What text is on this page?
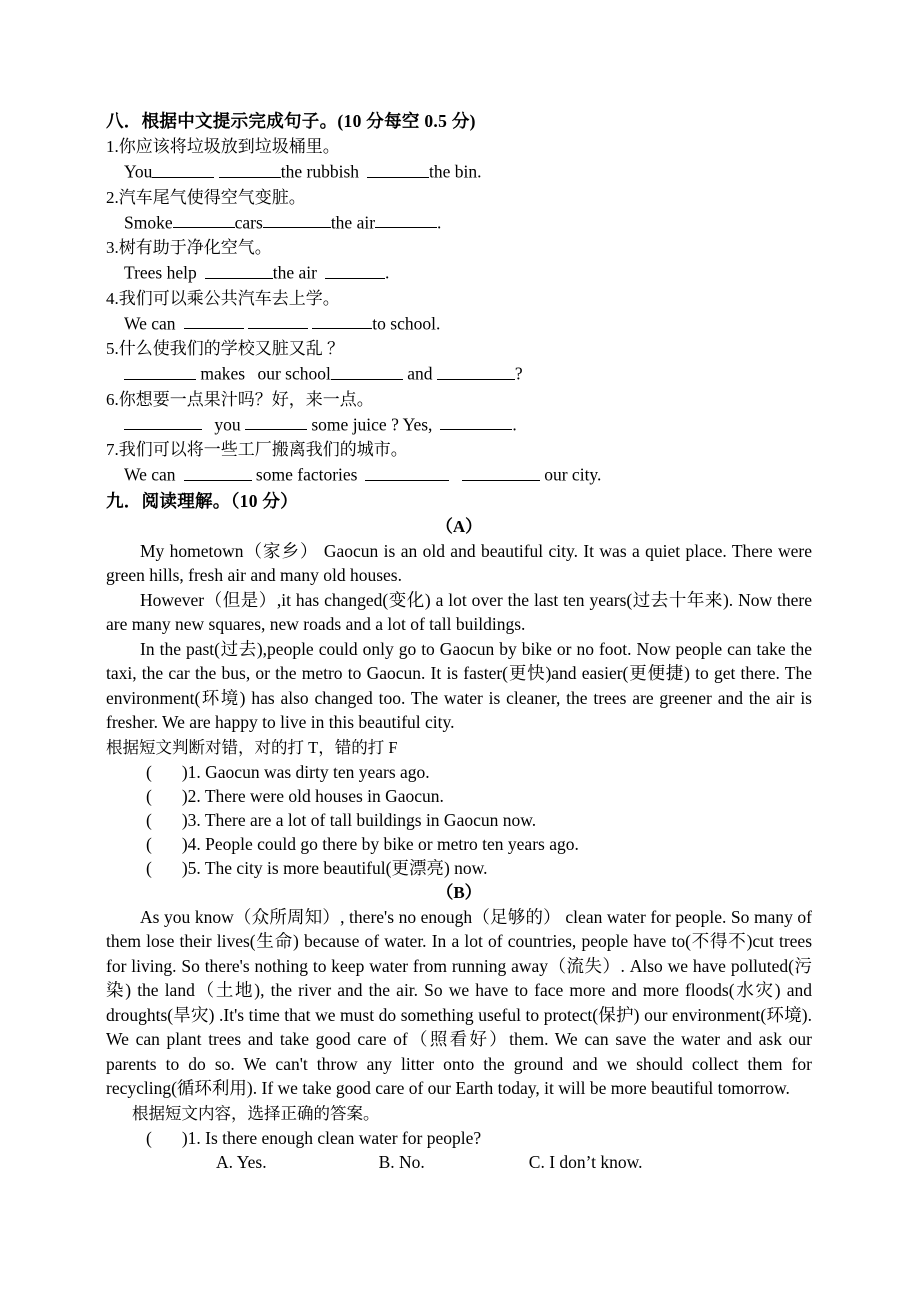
八．根据中文提示完成句子。(10 分每空 0.5 分)

1.你应该将垃圾放到垃圾桶里。

You	the rubbish	the bin.

2.汽车尾气使得空气变脏。

Smoke	cars	the air	.

3.树有助于净化空气。

Trees help	the air	.

4.我们可以乘公共汽车去上学。

We can	to school.

5.什么使我们的学校又脏又乱 ？

makes our school	and	?

6.你想要一点果汁吗？好，来一点。

you	some juice ? Yes,	.

7.我们可以将一些工厂搬离我们的城市。

We can	some factories	our city.

九．阅读理解。（10 分）

（A）

My hometown（家乡） Gaocun is an old and beautiful city. It was a quiet place. There were green hills, fresh air and many old houses.

However（但是）,it has changed(变化) a lot over the last ten years(过去十年来). Now there are many new squares, new roads and a lot of tall buildings.

In the past(过去),people could only go to Gaocun by bike or no foot. Now people can take the taxi, the car the bus, or the metro to Gaocun. It is faster(更快)and easier(更便捷) to get there. The environment(环境) has also changed too. The water is cleaner, the trees are greener and the air is fresher. We are happy to live in this beautiful city.

根据短文判断对错，对的打 T，错的打 F

( )1. Gaocun was dirty ten years ago.

( )2. There were old houses in Gaocun.

( )3. There are a lot of tall buildings in Gaocun now.

( )4. People could go there by bike or metro ten years ago.

( )5. The city is more beautiful(更漂亮) now.

（B）

As you know（众所周知）, there's no enough（足够的） clean water for people. So many of them lose their lives(生命) because of water. In a lot of countries, people have to(不得不)cut trees for living. So there's nothing to keep water from running away（流失）. Also we have polluted(污染) the land（土地), the river and the air. So we have to face more and more floods(水灾) and droughts(旱灾) .It's time that we must do something useful to protect(保护) our environment(环境). We can plant trees and take good care of（照看好）them. We can save the water and ask our parents to do so. We can't throw any litter onto the ground and we should collect them for recycling(循环利用). If we take good care of our Earth today, it will be more beautiful tomorrow.

根据短文内容，选择正确的答案。

( )1. Is there enough clean water for people?

A. Yes.	B. No.	C. I don’t know.
